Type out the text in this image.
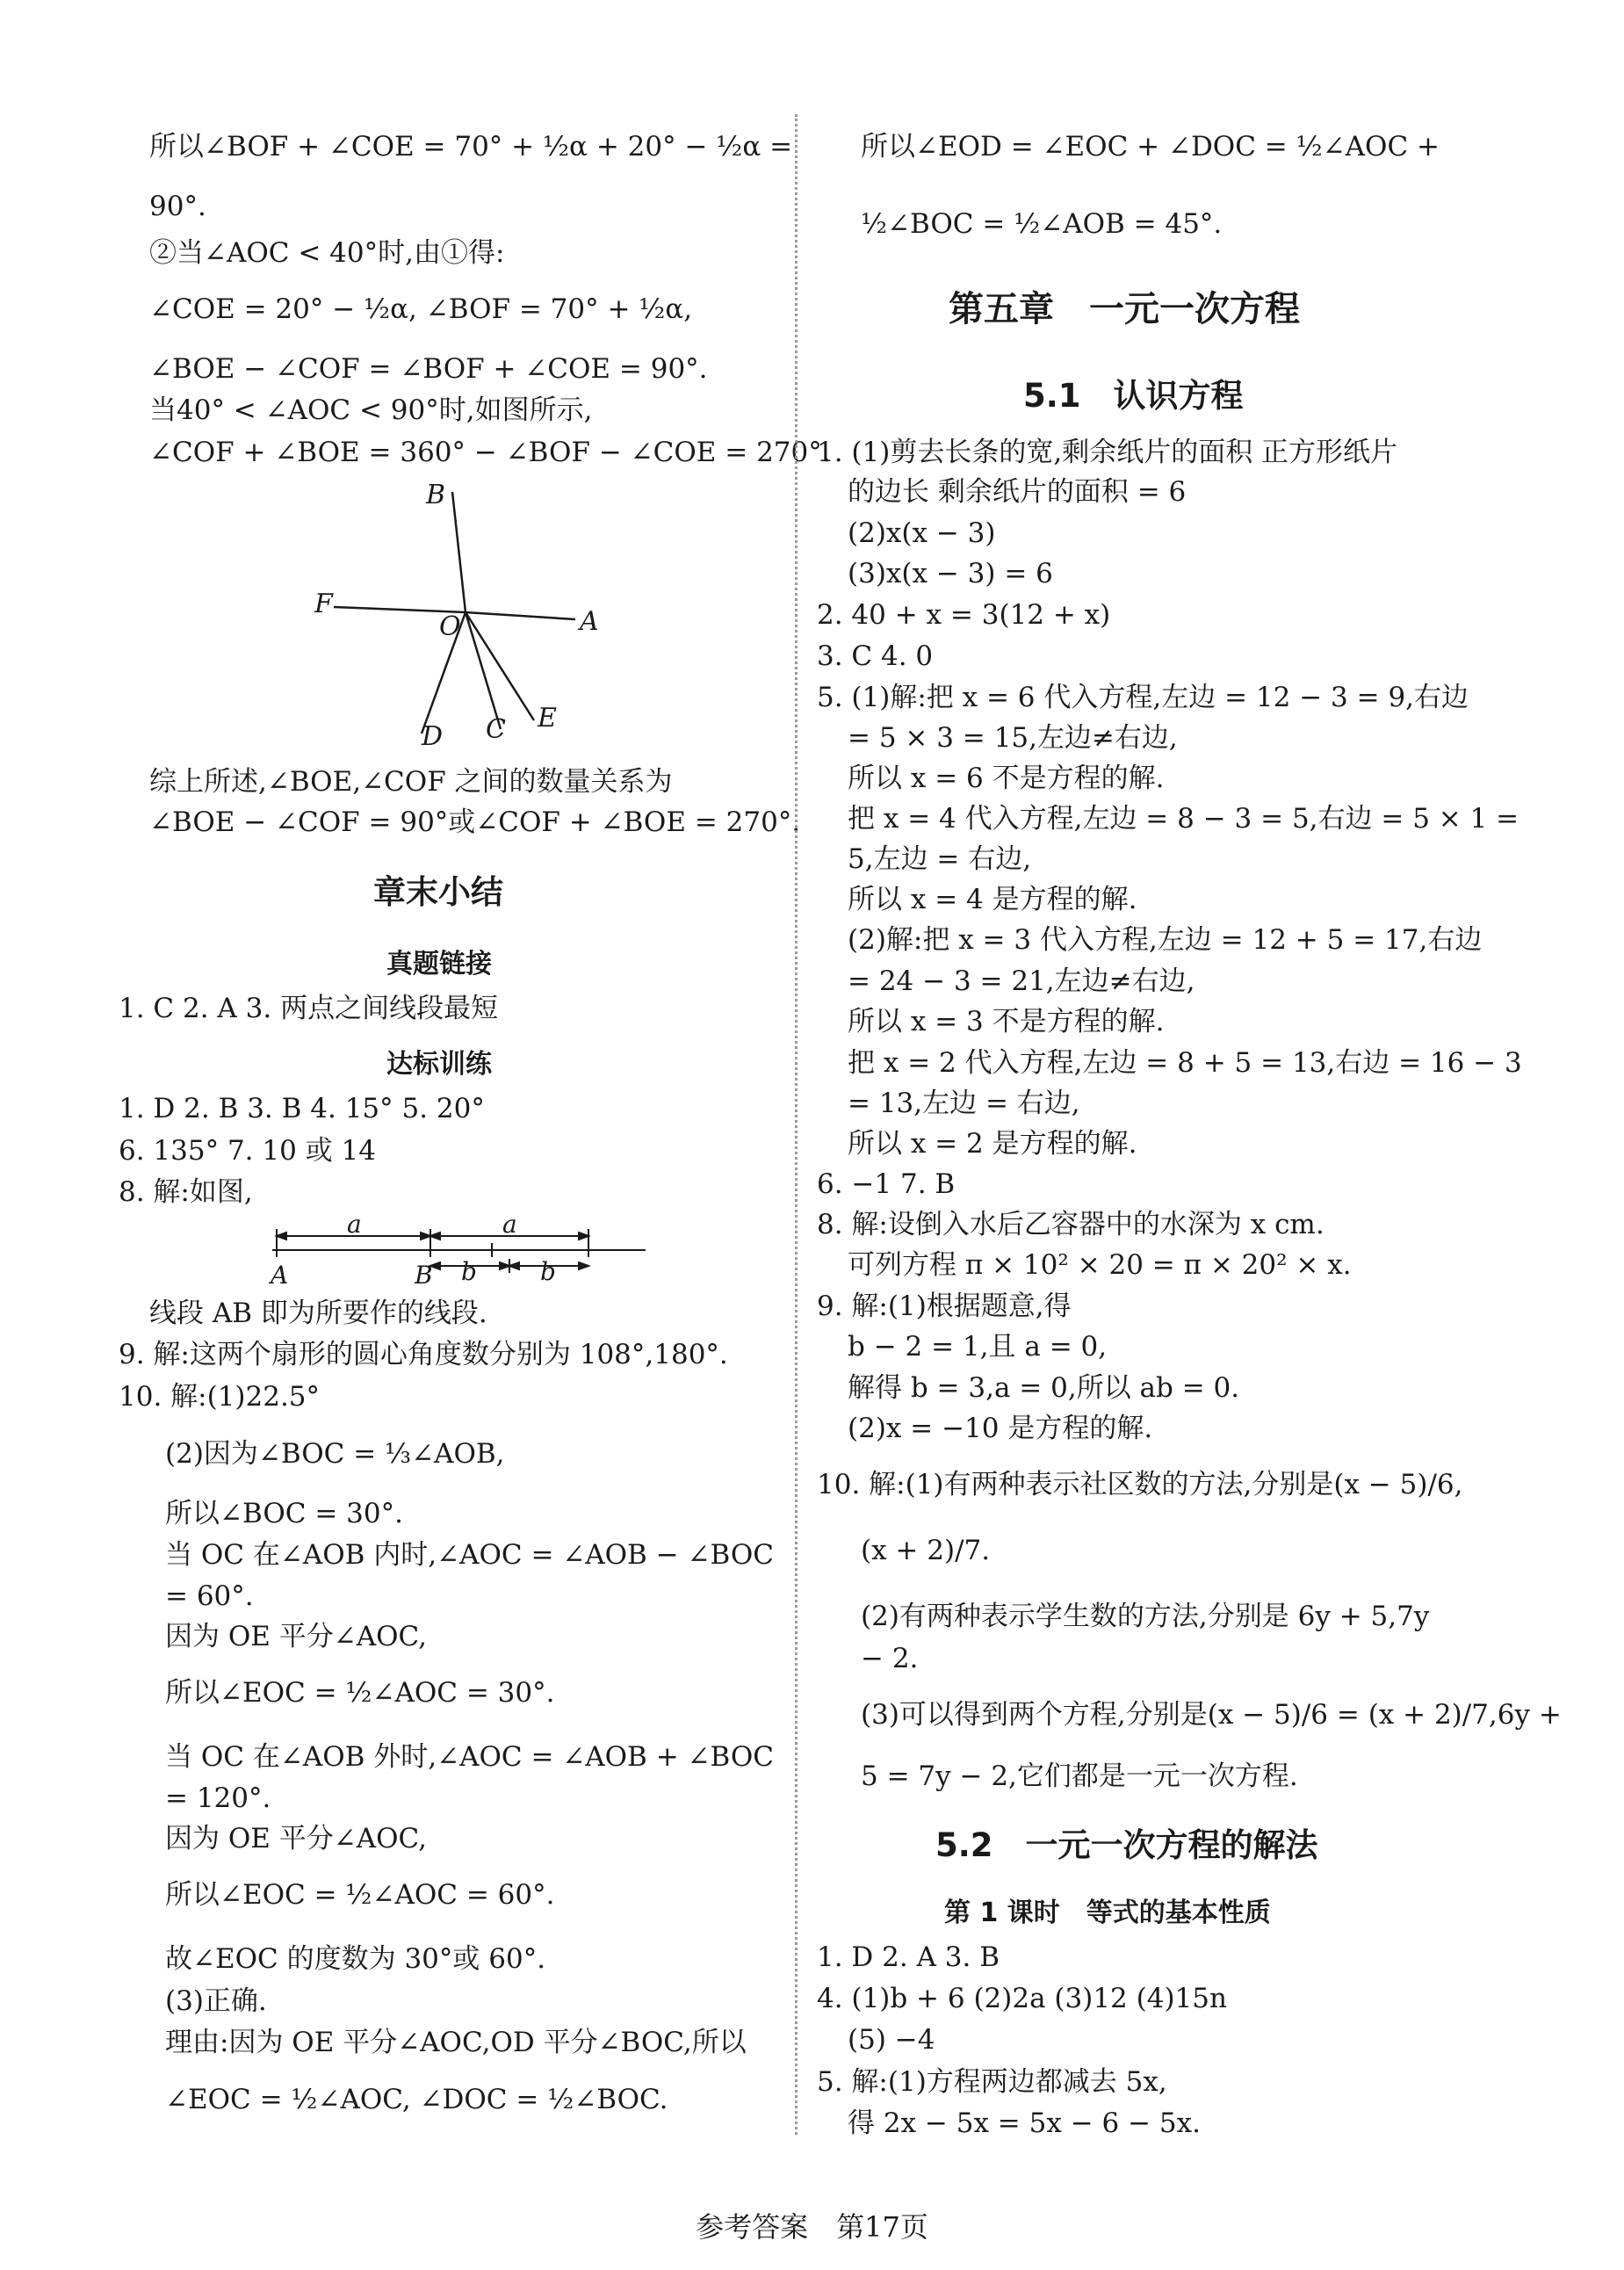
所以∠BOF + ∠COE = 70° + ½α + 20° − ½α =
90°.
②当∠AOC < 40°时,由①得:
∠COE = 20° − ½α, ∠BOF = 70° + ½α,
∠BOE − ∠COF = ∠BOF + ∠COE = 90°.
当40° < ∠AOC < 90°时,如图所示,
∠COF + ∠BOE = 360° − ∠BOF − ∠COE = 270°.
B
F
O	A
D C E
综上所述,∠BOE,∠COF 之间的数量关系为
∠BOE − ∠COF = 90°或∠COF + ∠BOE = 270°.
章末小结
真题链接
1. C 2. A 3. 两点之间线段最短
达标训练
1. D 2. B 3. B 4. 15° 5. 20°
6. 135° 7. 10 或 14
8. 解:如图,
a	a
b	b
A	B
线段 AB 即为所要作的线段.
9. 解:这两个扇形的圆心角度数分别为 108°,180°.
10. 解:(1)22.5°
(2)因为∠BOC = ⅓∠AOB,
所以∠BOC = 30°.
当 OC 在∠AOB 内时,∠AOC = ∠AOB − ∠BOC
= 60°.
因为 OE 平分∠AOC,
所以∠EOC = ½∠AOC = 30°.
当 OC 在∠AOB 外时,∠AOC = ∠AOB + ∠BOC
= 120°.
因为 OE 平分∠AOC,
所以∠EOC = ½∠AOC = 60°.
故∠EOC 的度数为 30°或 60°.
(3)正确.
理由:因为 OE 平分∠AOC,OD 平分∠BOC,所以
∠EOC = ½∠AOC, ∠DOC = ½∠BOC.
所以∠EOD = ∠EOC + ∠DOC = ½∠AOC +
½∠BOC = ½∠AOB = 45°.
第五章　一元一次方程
5.1　认识方程
1. (1)剪去长条的宽,剩余纸片的面积 正方形纸片
的边长 剩余纸片的面积 = 6
(2)x(x − 3)
(3)x(x − 3) = 6
2. 40 + x = 3(12 + x)
3. C 4. 0
5. (1)解:把 x = 6 代入方程,左边 = 12 − 3 = 9,右边
= 5 × 3 = 15,左边≠右边,
所以 x = 6 不是方程的解.
把 x = 4 代入方程,左边 = 8 − 3 = 5,右边 = 5 × 1 =
5,左边 = 右边,
所以 x = 4 是方程的解.
(2)解:把 x = 3 代入方程,左边 = 12 + 5 = 17,右边
= 24 − 3 = 21,左边≠右边,
所以 x = 3 不是方程的解.
把 x = 2 代入方程,左边 = 8 + 5 = 13,右边 = 16 − 3
= 13,左边 = 右边,
所以 x = 2 是方程的解.
6. −1 7. B
8. 解:设倒入水后乙容器中的水深为 x cm.
可列方程 π × 10² × 20 = π × 20² × x.
9. 解:(1)根据题意,得
b − 2 = 1,且 a = 0,
解得 b = 3,a = 0,所以 ab = 0.
(2)x = −10 是方程的解.
10. 解:(1)有两种表示社区数的方法,分别是(x − 5)/6,
(x + 2)/7.
(2)有两种表示学生数的方法,分别是 6y + 5,7y
− 2.
(3)可以得到两个方程,分别是(x − 5)/6 = (x + 2)/7,6y +
5 = 7y − 2,它们都是一元一次方程.
5.2　一元一次方程的解法
第 1 课时　等式的基本性质
1. D 2. A 3. B
4. (1)b + 6 (2)2a (3)12 (4)15n
(5) −4
5. 解:(1)方程两边都减去 5x,
得 2x − 5x = 5x − 6 − 5x.
参考答案　第17页
